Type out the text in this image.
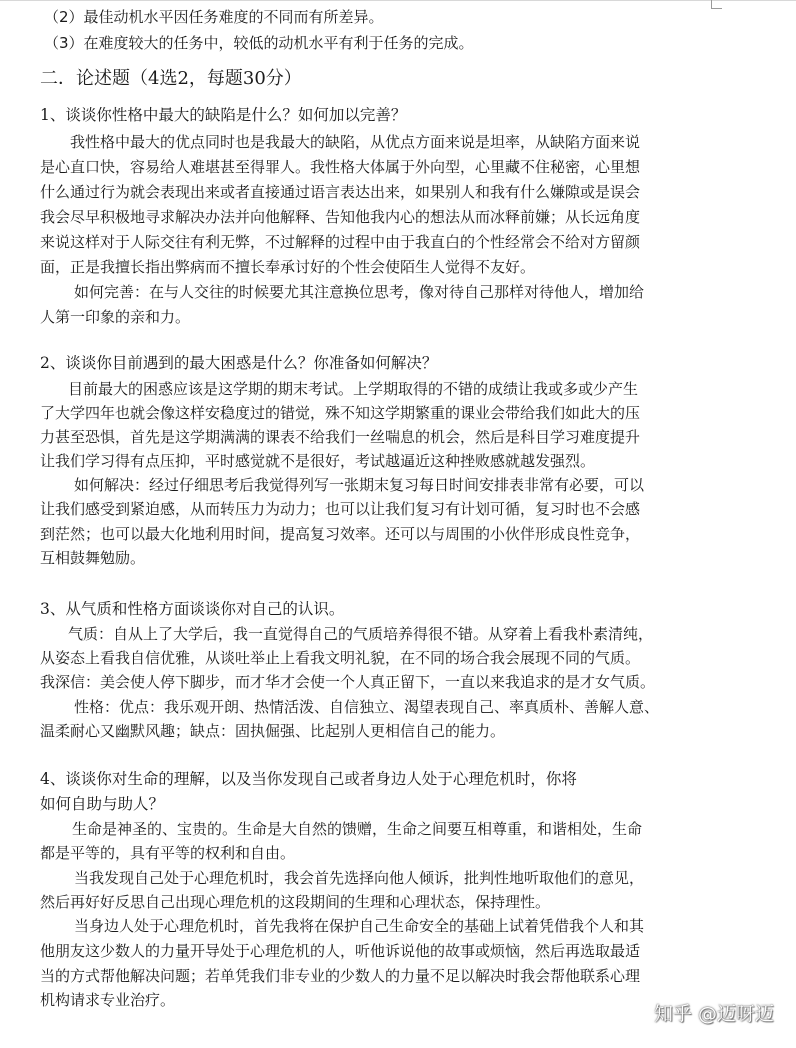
（2）最佳动机水平因任务难度的不同而有所差异。
（3）在难度较大的任务中，较低的动机水平有利于任务的完成。
二．论述题（4选2，每题30分）
1、谈谈你性格中最大的缺陷是什么？如何加以完善？
我性格中最大的优点同时也是我最大的缺陷，从优点方面来说是坦率，从缺陷方面来说
是心直口快，容易给人难堪甚至得罪人。我性格大体属于外向型，心里藏不住秘密，心里想
什么通过行为就会表现出来或者直接通过语言表达出来，如果别人和我有什么嫌隙或是误会
我会尽早积极地寻求解决办法并向他解释、告知他我内心的想法从而冰释前嫌；从长远角度
来说这样对于人际交往有利无弊，不过解释的过程中由于我直白的个性经常会不给对方留颜
面，正是我擅长指出弊病而不擅长奉承讨好的个性会使陌生人觉得不友好。
如何完善：在与人交往的时候要尤其注意换位思考，像对待自己那样对待他人，增加给
人第一印象的亲和力。
2、谈谈你目前遇到的最大困惑是什么？你准备如何解决？
目前最大的困惑应该是这学期的期末考试。上学期取得的不错的成绩让我或多或少产生
了大学四年也就会像这样安稳度过的错觉，殊不知这学期繁重的课业会带给我们如此大的压
力甚至恐惧，首先是这学期满满的课表不给我们一丝喘息的机会，然后是科目学习难度提升
让我们学习得有点压抑，平时感觉就不是很好，考试越逼近这种挫败感就越发强烈。
如何解决：经过仔细思考后我觉得列写一张期末复习每日时间安排表非常有必要，可以
让我们感受到紧迫感，从而转压力为动力；也可以让我们复习有计划可循，复习时也不会感
到茫然；也可以最大化地利用时间，提高复习效率。还可以与周围的小伙伴形成良性竞争，
互相鼓舞勉励。
3、从气质和性格方面谈谈你对自己的认识。
气质：自从上了大学后，我一直觉得自己的气质培养得很不错。从穿着上看我朴素清纯，
从姿态上看我自信优雅，从谈吐举止上看我文明礼貌，在不同的场合我会展现不同的气质。
我深信：美会使人停下脚步，而才华才会使一个人真正留下，一直以来我追求的是才女气质。
性格：优点：我乐观开朗、热情活泼、自信独立、渴望表现自己、率真质朴、善解人意、
温柔耐心又幽默风趣；缺点：固执倔强、比起别人更相信自己的能力。
4、谈谈你对生命的理解，以及当你发现自己或者身边人处于心理危机时，你将
如何自助与助人？
生命是神圣的、宝贵的。生命是大自然的馈赠，生命之间要互相尊重，和谐相处，生命
都是平等的，具有平等的权利和自由。
当我发现自己处于心理危机时，我会首先选择向他人倾诉，批判性地听取他们的意见，
然后再好好反思自己出现心理危机的这段期间的生理和心理状态，保持理性。
当身边人处于心理危机时，首先我将在保护自己生命安全的基础上试着凭借我个人和其
他朋友这少数人的力量开导处于心理危机的人，听他诉说他的故事或烦恼，然后再选取最适
当的方式帮他解决问题；若单凭我们非专业的少数人的力量不足以解决时我会帮他联系心理
机构请求专业治疗。
知乎 @迈呀迈
